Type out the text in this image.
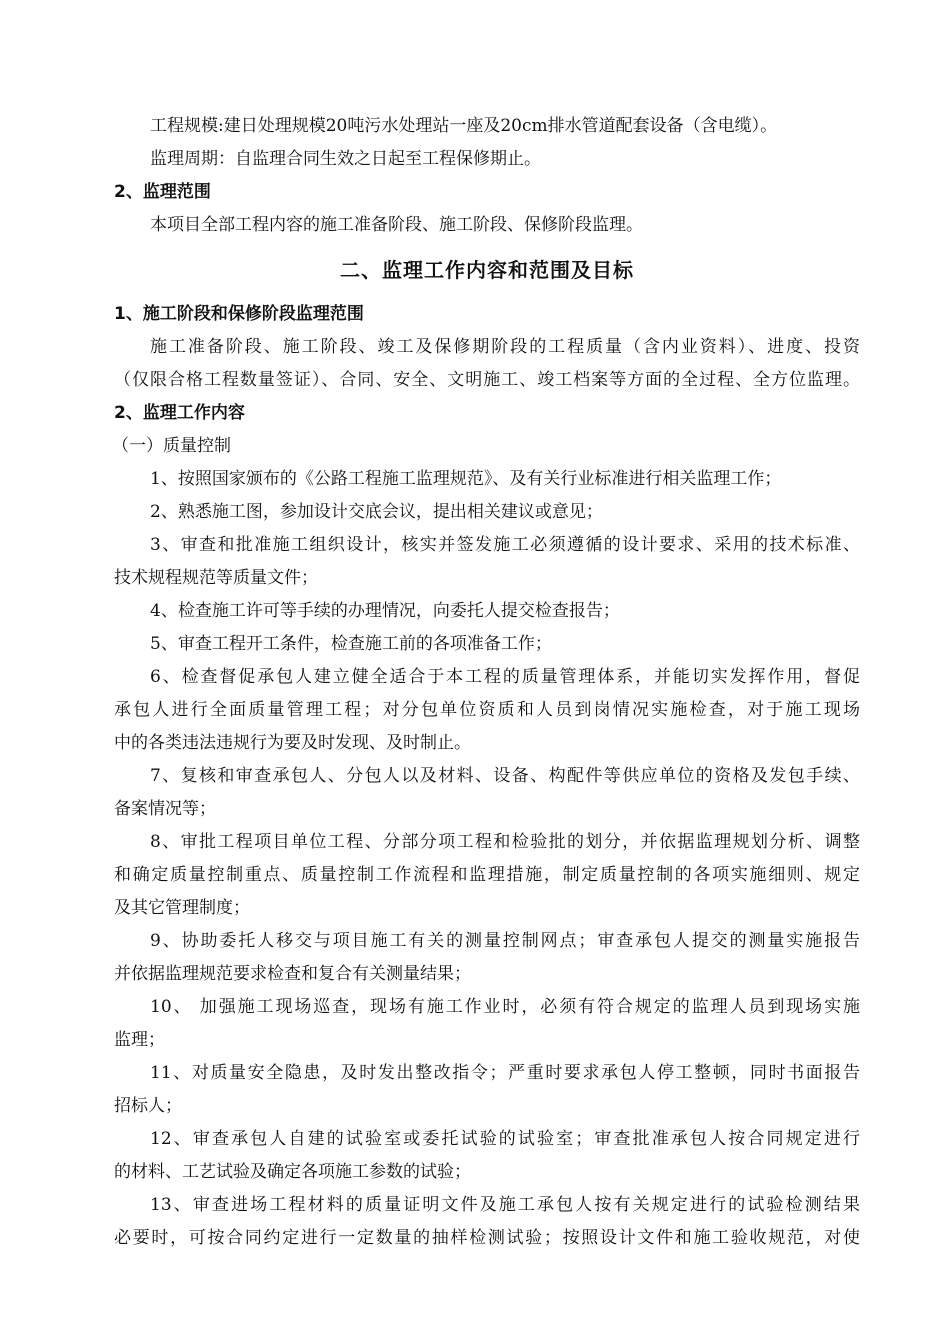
工程规模:建日处理规模20吨污水处理站一座及20cm排水管道配套设备（含电缆）。
监理周期：自监理合同生效之日起至工程保修期止。
2、监理范围
本项目全部工程内容的施工准备阶段、施工阶段、保修阶段监理。
二、监理工作内容和范围及目标
1、施工阶段和保修阶段监理范围
施工准备阶段、施工阶段、竣工及保修期阶段的工程质量（含内业资料）、进度、投资
（仅限合格工程数量签证）、合同、安全、文明施工、竣工档案等方面的全过程、全方位监理。
2、监理工作内容
（一）质量控制
1、按照国家颁布的《公路工程施工监理规范》、及有关行业标准进行相关监理工作；
2、熟悉施工图，参加设计交底会议，提出相关建议或意见；
3、审查和批准施工组织设计，核实并签发施工必须遵循的设计要求、采用的技术标准、
技术规程规范等质量文件；
4、检查施工许可等手续的办理情况，向委托人提交检查报告；
5、审查工程开工条件，检查施工前的各项准备工作；
6、检查督促承包人建立健全适合于本工程的质量管理体系，并能切实发挥作用，督促
承包人进行全面质量管理工程；对分包单位资质和人员到岗情况实施检查，对于施工现场
中的各类违法违规行为要及时发现、及时制止。
7、复核和审查承包人、分包人以及材料、设备、构配件等供应单位的资格及发包手续、
备案情况等；
8、审批工程项目单位工程、分部分项工程和检验批的划分，并依据监理规划分析、调整
和确定质量控制重点、质量控制工作流程和监理措施，制定质量控制的各项实施细则、规定
及其它管理制度；
9、协助委托人移交与项目施工有关的测量控制网点；审查承包人提交的测量实施报告
并依据监理规范要求检查和复合有关测量结果；
10、 加强施工现场巡查，现场有施工作业时，必须有符合规定的监理人员到现场实施
监理；
11、对质量安全隐患，及时发出整改指令；严重时要求承包人停工整顿，同时书面报告
招标人；
12、审查承包人自建的试验室或委托试验的试验室；审查批准承包人按合同规定进行
的材料、工艺试验及确定各项施工参数的试验；
13、审查进场工程材料的质量证明文件及施工承包人按有关规定进行的试验检测结果
必要时，可按合同约定进行一定数量的抽样检测试验；按照设计文件和施工验收规范，对使
